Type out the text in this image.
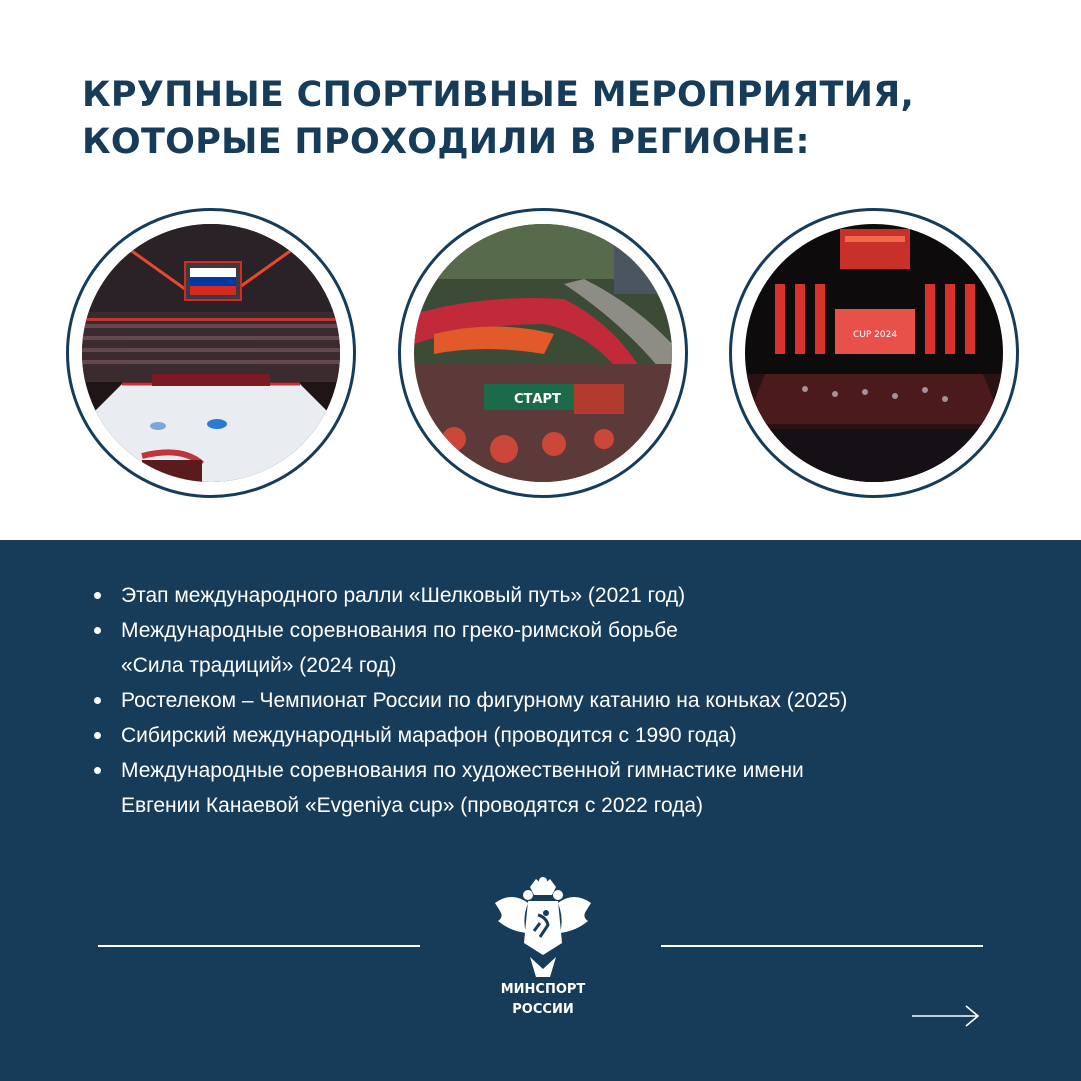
КРУПНЫЕ СПОРТИВНЫЕ МЕРОПРИЯТИЯ,
КОТОРЫЕ ПРОХОДИЛИ В РЕГИОНЕ:
СТАРТ
CUP 2024
Этап международного ралли «Шелковый путь» (2021 год)
Международные соревнования по греко-римской борьбе
«Сила традиций» (2024 год)
Ростелеком – Чемпионат России по фигурному катанию на коньках (2025)
Сибирский международный марафон (проводится с 1990 года)
Международные соревнования по художественной гимнастике имени
Евгении Канаевой «Evgeniya cup» (проводятся с 2022 года)
МИНСПОРТ
РОССИИ
